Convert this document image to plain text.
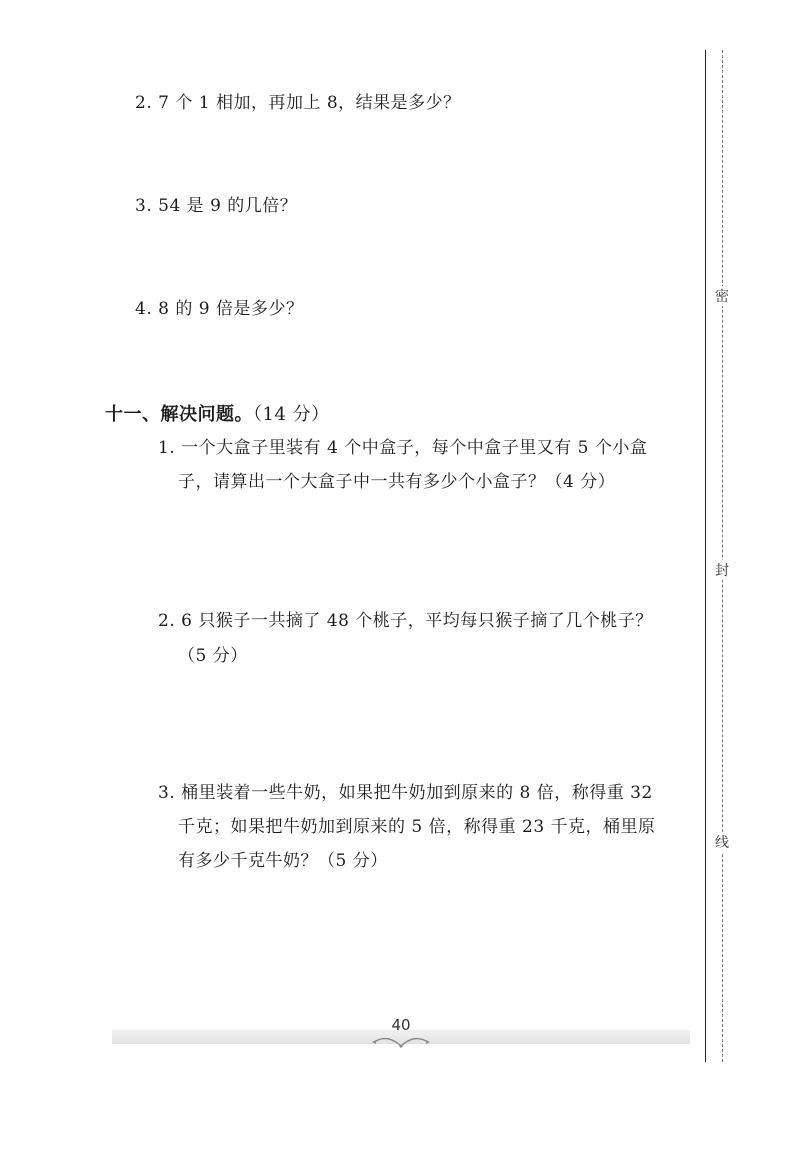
2. 7 个 1 相加，再加上 8，结果是多少？
3. 54 是 9 的几倍？
4. 8 的 9 倍是多少？
十一、解决问题。（14 分）
1. 一个大盒子里装有 4 个中盒子，每个中盒子里又有 5 个小盒
子，请算出一个大盒子中一共有多少个小盒子？（4 分）
2. 6 只猴子一共摘了 48 个桃子，平均每只猴子摘了几个桃子？
（5 分）
3. 桶里装着一些牛奶，如果把牛奶加到原来的 8 倍，称得重 32
千克；如果把牛奶加到原来的 5 倍，称得重 23 千克，桶里原
有多少千克牛奶？（5 分）
密
封
线
40
